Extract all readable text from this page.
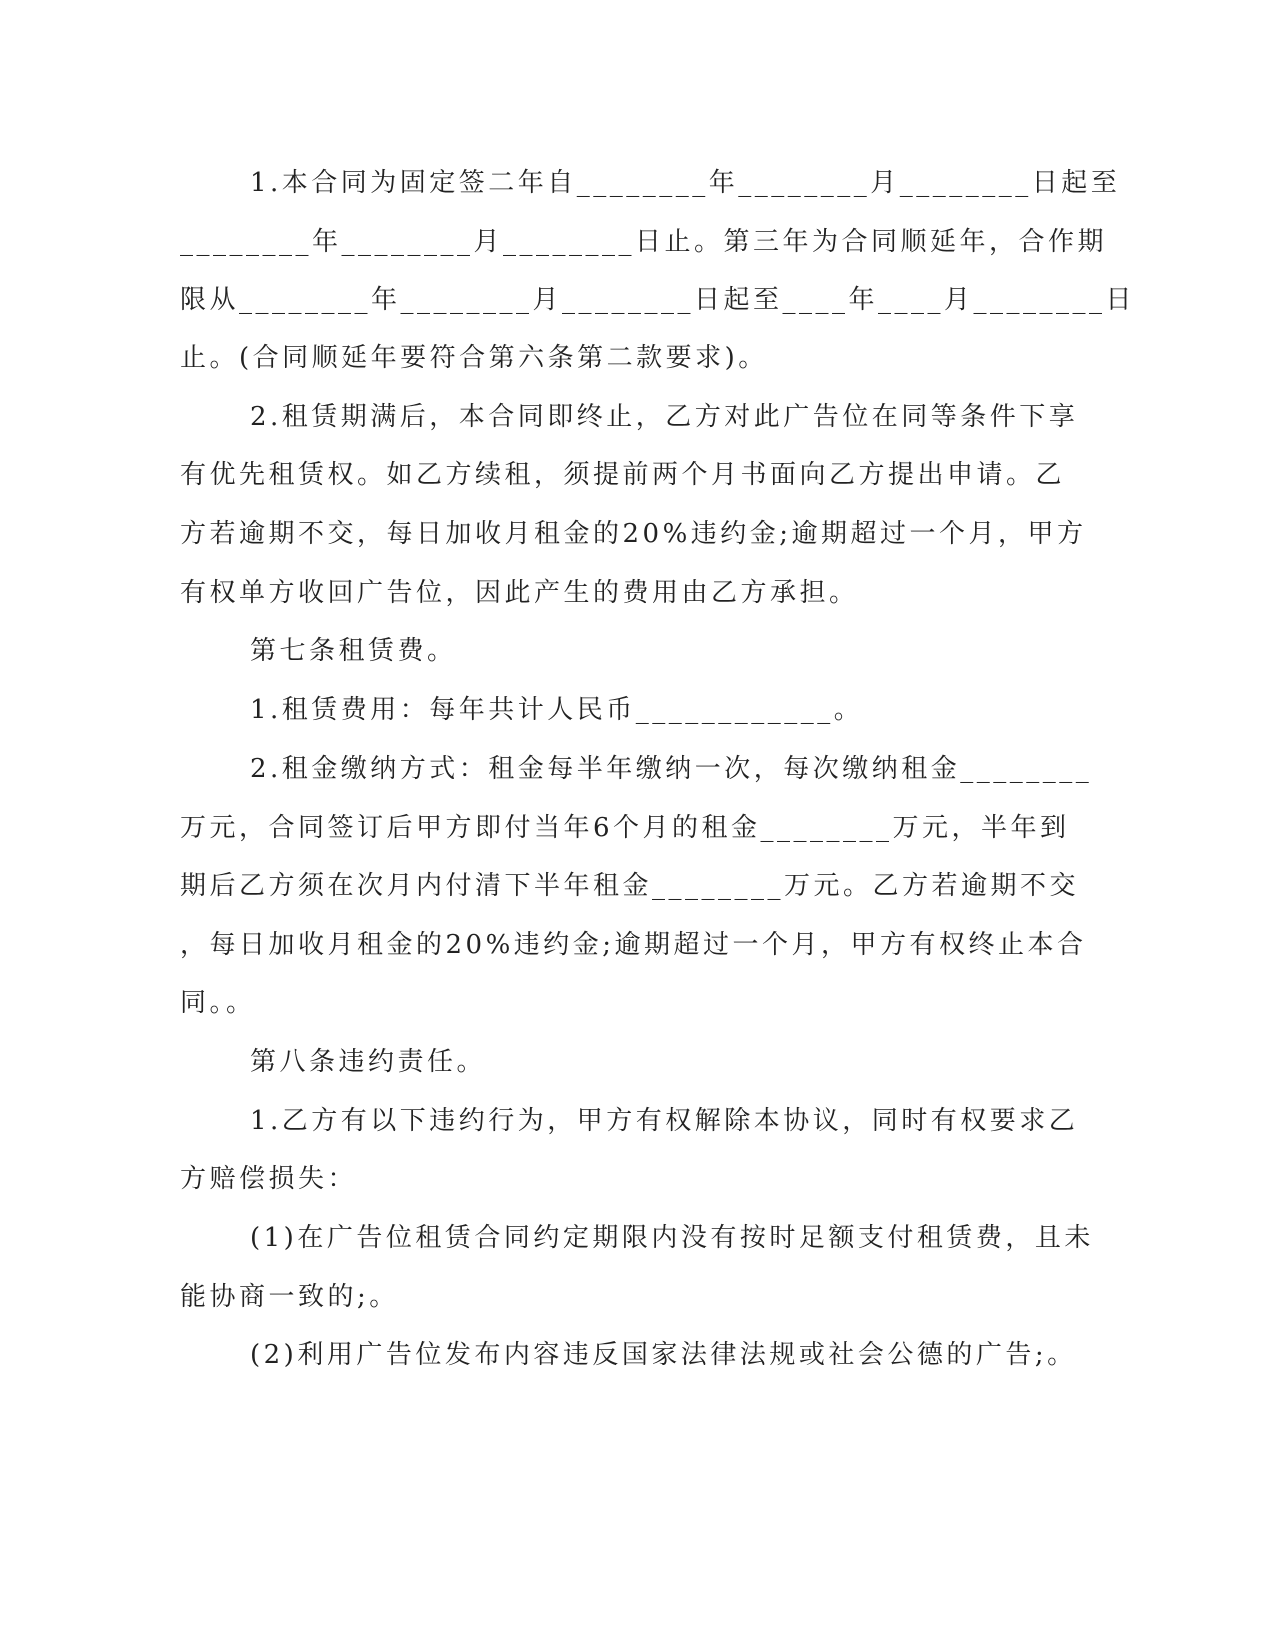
1.本合同为固定签二年自________年________月________日起至
________年________月________日止。第三年为合同顺延年，合作期
限从________年________月________日起至____年____月________日
止。(合同顺延年要符合第六条第二款要求)。
2.租赁期满后，本合同即终止，乙方对此广告位在同等条件下享
有优先租赁权。如乙方续租，须提前两个月书面向乙方提出申请。乙
方若逾期不交，每日加收月租金的20%违约金;逾期超过一个月，甲方
有权单方收回广告位，因此产生的费用由乙方承担。
第七条租赁费。
1.租赁费用：每年共计人民币____________。
2.租金缴纳方式：租金每半年缴纳一次，每次缴纳租金________
万元，合同签订后甲方即付当年6个月的租金________万元，半年到
期后乙方须在次月内付清下半年租金________万元。乙方若逾期不交
，每日加收月租金的20%违约金;逾期超过一个月，甲方有权终止本合
同。。
第八条违约责任。
1.乙方有以下违约行为，甲方有权解除本协议，同时有权要求乙
方赔偿损失：
(1)在广告位租赁合同约定期限内没有按时足额支付租赁费，且未
能协商一致的;。
(2)利用广告位发布内容违反国家法律法规或社会公德的广告;。
